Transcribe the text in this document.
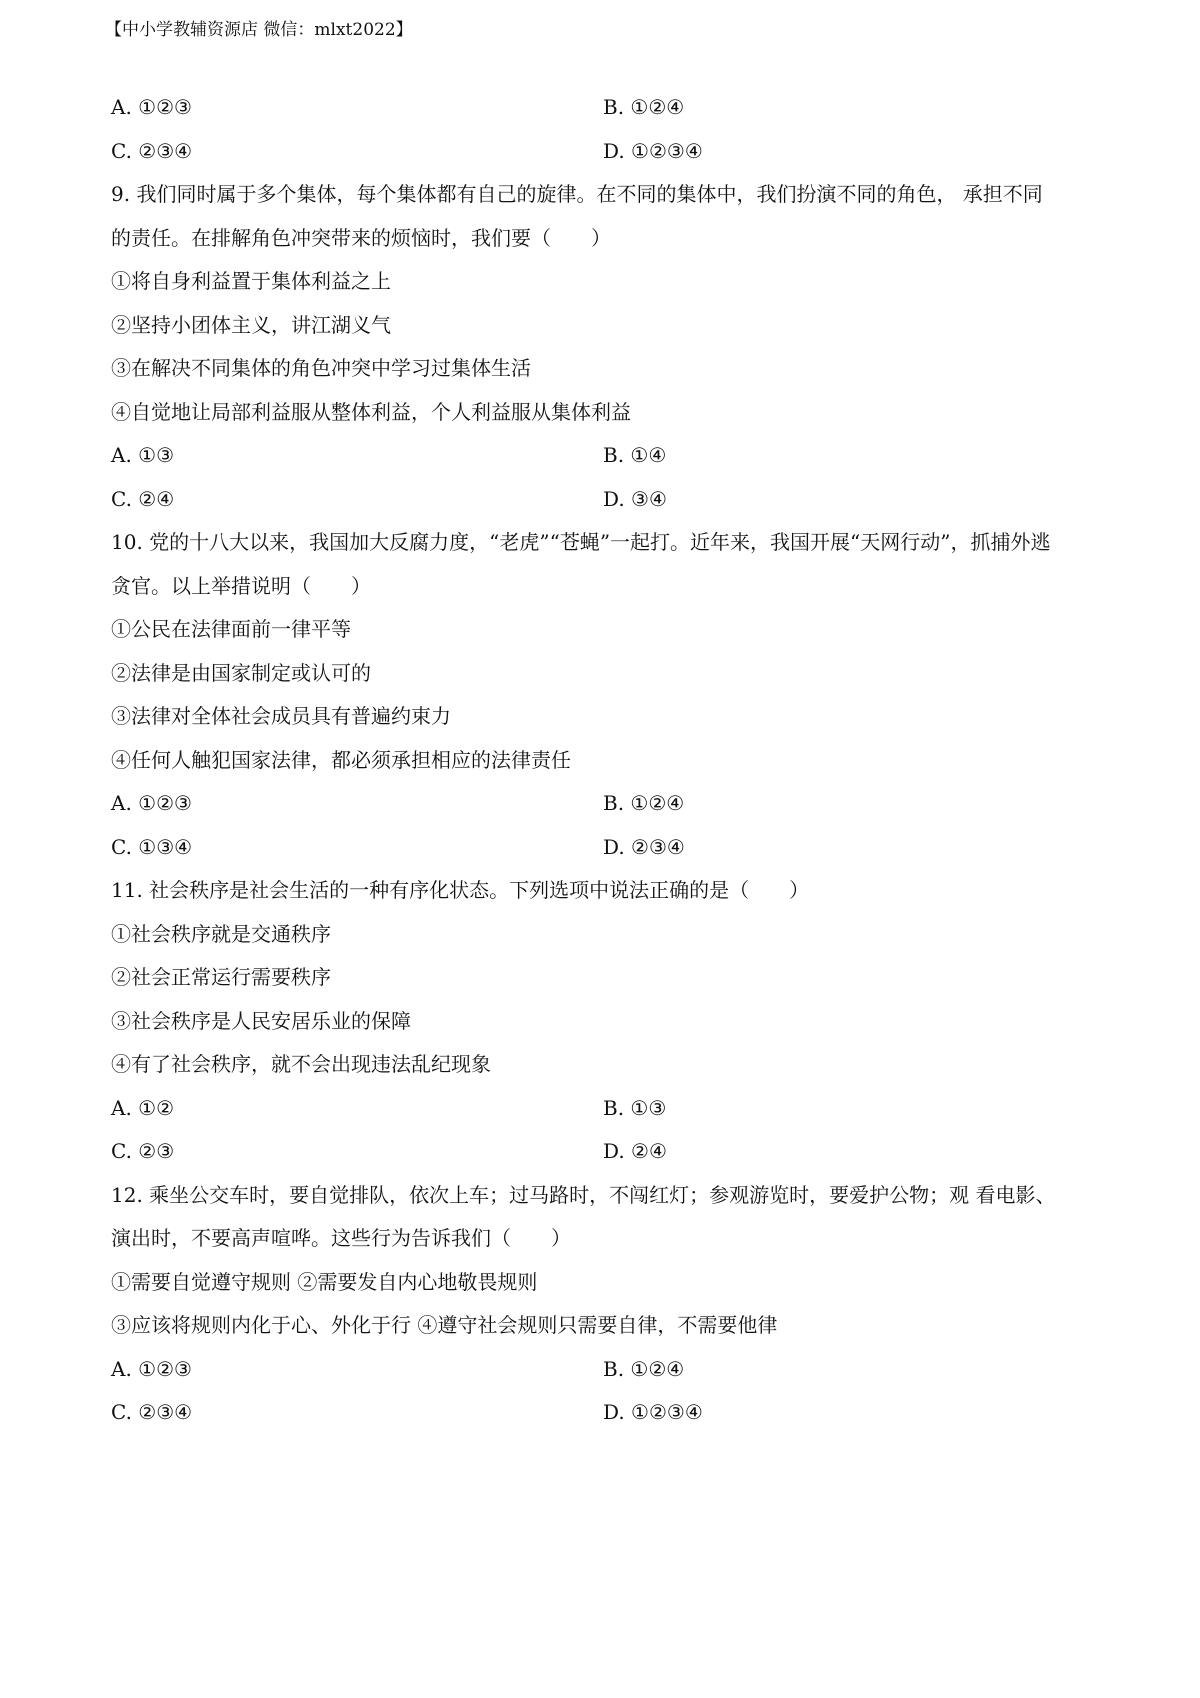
【中小学教辅资源店 微信：mlxt2022】
A. ①②③	B. ①②④
C. ②③④	D. ①②③④
9. 我们同时属于多个集体，每个集体都有自己的旋律。在不同的集体中，我们扮演不同的角色， 承担不同
的责任。在排解角色冲突带来的烦恼时，我们要（　　）
①将自身利益置于集体利益之上
②坚持小团体主义，讲江湖义气
③在解决不同集体的角色冲突中学习过集体生活
④自觉地让局部利益服从整体利益，个人利益服从集体利益
A. ①③	B. ①④
C. ②④	D. ③④
10. 党的十八大以来，我国加大反腐力度，“老虎”“苍蝇”一起打。近年来，我国开展“天网行动”，抓捕外逃
贪官。以上举措说明（　　）
①公民在法律面前一律平等
②法律是由国家制定或认可的
③法律对全体社会成员具有普遍约束力
④任何人触犯国家法律，都必须承担相应的法律责任
A. ①②③	B. ①②④
C. ①③④	D. ②③④
11. 社会秩序是社会生活的一种有序化状态。下列选项中说法正确的是（　　）
①社会秩序就是交通秩序
②社会正常运行需要秩序
③社会秩序是人民安居乐业的保障
④有了社会秩序，就不会出现违法乱纪现象
A. ①②	B. ①③
C. ②③	D. ②④
12. 乘坐公交车时，要自觉排队，依次上车；过马路时，不闯红灯；参观游览时，要爱护公物；观 看电影、
演出时，不要高声喧哗。这些行为告诉我们（　　）
①需要自觉遵守规则 ②需要发自内心地敬畏规则
③应该将规则内化于心、外化于行 ④遵守社会规则只需要自律，不需要他律
A. ①②③	B. ①②④
C. ②③④	D. ①②③④
